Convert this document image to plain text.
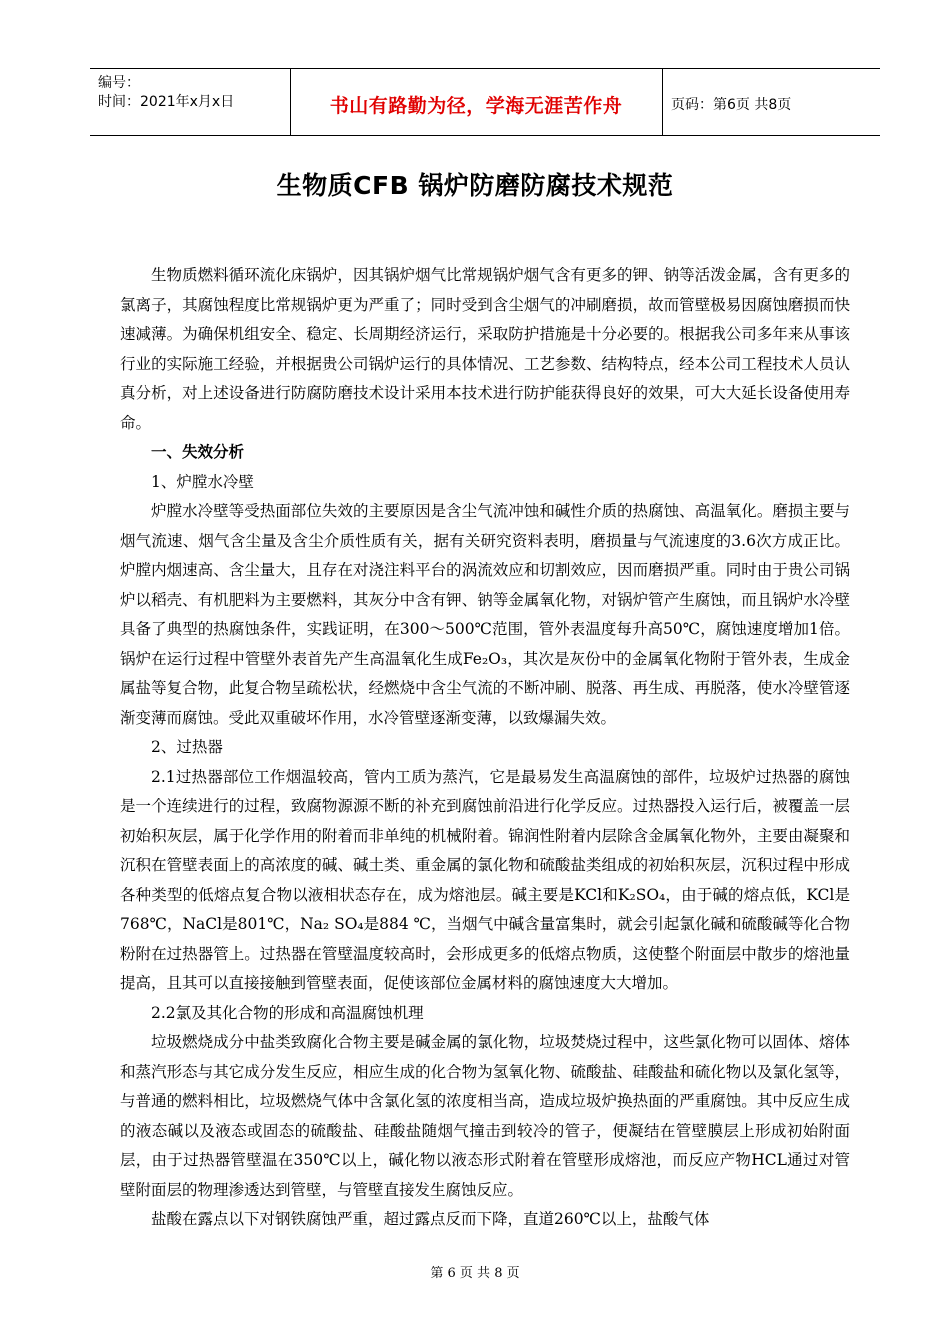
编号：
时间：2021年x月x日	书山有路勤为径，学海无涯苦作舟	页码：第6页 共8页
生物质CFB 锅炉防磨防腐技术规范

生物质燃料循环流化床锅炉，因其锅炉烟气比常规锅炉烟气含有更多的钾、钠等活泼金属，含有更多的氯离子，其腐蚀程度比常规锅炉更为严重了；同时受到含尘烟气的冲刷磨损，故而管壁极易因腐蚀磨损而快速减薄。为确保机组安全、稳定、长周期经济运行，采取防护措施是十分必要的。根据我公司多年来从事该行业的实际施工经验，并根据贵公司锅炉运行的具体情况、工艺参数、结构特点，经本公司工程技术人员认真分析，对上述设备进行防腐防磨技术设计采用本技术进行防护能获得良好的效果，可大大延长设备使用寿命。

一、失效分析

1、炉膛水冷壁

炉膛水冷壁等受热面部位失效的主要原因是含尘气流冲蚀和碱性介质的热腐蚀、高温氧化。磨损主要与烟气流速、烟气含尘量及含尘介质性质有关，据有关研究资料表明，磨损量与气流速度的3.6次方成正比。炉膛内烟速高、含尘量大，且存在对浇注料平台的涡流效应和切割效应，因而磨损严重。同时由于贵公司锅炉以稻壳、有机肥料为主要燃料，其灰分中含有钾、钠等金属氧化物，对锅炉管产生腐蚀，而且锅炉水冷壁具备了典型的热腐蚀条件，实践证明，在300～500℃范围，管外表温度每升高50℃，腐蚀速度增加1倍。锅炉在运行过程中管壁外表首先产生高温氧化生成Fe₂O₃，其次是灰份中的金属氧化物附于管外表，生成金属盐等复合物，此复合物呈疏松状，经燃烧中含尘气流的不断冲刷、脱落、再生成、再脱落，使水冷壁管逐渐变薄而腐蚀。受此双重破坏作用，水冷管壁逐渐变薄，以致爆漏失效。

2、过热器

2.1过热器部位工作烟温较高，管内工质为蒸汽，它是最易发生高温腐蚀的部件，垃圾炉过热器的腐蚀是一个连续进行的过程，致腐物源源不断的补充到腐蚀前沿进行化学反应。过热器投入运行后，被覆盖一层初始积灰层，属于化学作用的附着而非单纯的机械附着。锦润性附着内层除含金属氧化物外，主要由凝聚和沉积在管壁表面上的高浓度的碱、碱土类、重金属的氯化物和硫酸盐类组成的初始积灰层，沉积过程中形成各种类型的低熔点复合物以液相状态存在，成为熔池层。碱主要是KCl和K₂SO₄，由于碱的熔点低，KCl是768℃，NaCl是801℃，Na₂ SO₄是884 ℃，当烟气中碱含量富集时，就会引起氯化碱和硫酸碱等化合物粉附在过热器管上。过热器在管壁温度较高时，会形成更多的低熔点物质，这使整个附面层中散步的熔池量提高，且其可以直接接触到管壁表面，促使该部位金属材料的腐蚀速度大大增加。

2.2氯及其化合物的形成和高温腐蚀机理

垃圾燃烧成分中盐类致腐化合物主要是碱金属的氯化物，垃圾焚烧过程中，这些氯化物可以固体、熔体和蒸汽形态与其它成分发生反应，相应生成的化合物为氢氧化物、硫酸盐、硅酸盐和硫化物以及氯化氢等，与普通的燃料相比，垃圾燃烧气体中含氯化氢的浓度相当高，造成垃圾炉换热面的严重腐蚀。其中反应生成的液态碱以及液态或固态的硫酸盐、硅酸盐随烟气撞击到较冷的管子，便凝结在管壁膜层上形成初始附面层，由于过热器管壁温在350℃以上，碱化物以液态形式附着在管壁形成熔池，而反应产物HCL通过对管壁附面层的物理渗透达到管壁，与管壁直接发生腐蚀反应。

盐酸在露点以下对钢铁腐蚀严重，超过露点反而下降，直道260℃以上，盐酸气体

第 6 页 共 8 页
